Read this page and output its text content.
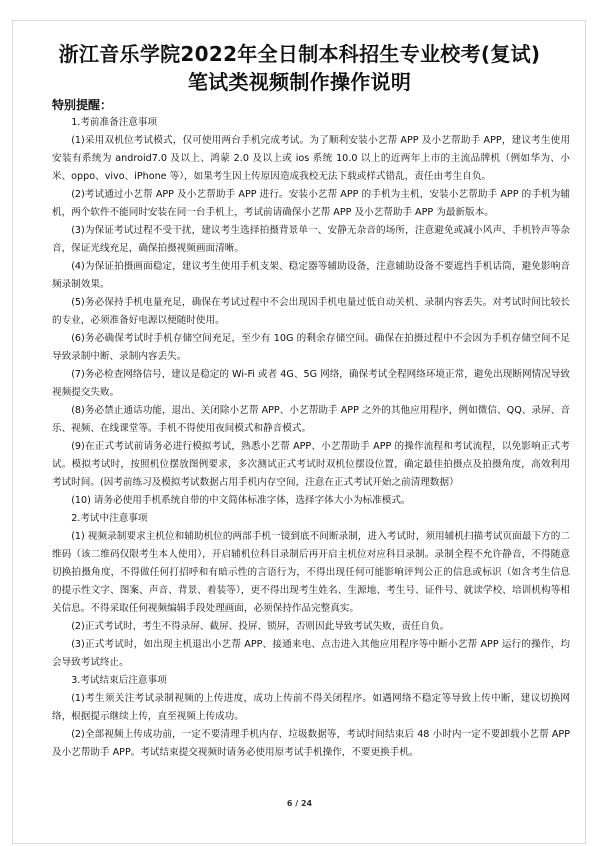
浙江音乐学院2022年全日制本科招生专业校考(复试)
笔试类视频制作操作说明
特别提醒：

1.考前准备注意事项

(1)采用双机位考试模式，仅可使用两台手机完成考试。为了顺利安装小艺帮 APP 及小艺帮助手 APP，建议考生使用安装有系统为 android7.0 及以上、鸿蒙 2.0 及以上或 ios 系统 10.0 以上的近两年上市的主流品牌机（例如华为、小米、oppo、vivo、iPhone 等），如果考生因上传原因造成我校无法下载或样式错乱，责任由考生自负。

(2)考试通过小艺帮 APP 及小艺帮助手 APP 进行。安装小艺帮 APP 的手机为主机，安装小艺帮助手 APP 的手机为辅机，两个软件不能同时安装在同一台手机上，考试前请确保小艺帮 APP 及小艺帮助手 APP 为最新版本。

(3)为保证考试过程不受干扰，建议考生选择拍摄背景单一、安静无杂音的场所，注意避免或减小风声、手机铃声等杂音，保证光线充足，确保拍摄视频画面清晰。

(4)为保证拍摄画面稳定，建议考生使用手机支架、稳定器等辅助设备，注意辅助设备不要遮挡手机话筒，避免影响音频录制效果。

(5)务必保持手机电量充足，确保在考试过程中不会出现因手机电量过低自动关机、录制内容丢失。对考试时间比较长的专业，必须准备好电源以便随时使用。

(6)务必确保考试时手机存储空间充足，至少有 10G 的剩余存储空间。确保在拍摄过程中不会因为手机存储空间不足导致录制中断、录制内容丢失。

(7)务必检查网络信号，建议是稳定的 Wi-Fi 或者 4G、5G 网络，确保考试全程网络环境正常，避免出现断网情况导致视频提交失败。

(8)务必禁止通话功能，退出、关闭除小艺帮 APP、小艺帮助手 APP 之外的其他应用程序，例如微信、QQ、录屏、音乐、视频、在线课堂等。手机不得使用夜间模式和静音模式。

(9)在正式考试前请务必进行模拟考试，熟悉小艺帮 APP、小艺帮助手 APP 的操作流程和考试流程，以免影响正式考试。模拟考试时，按照机位摆放图例要求，多次测试正式考试时双机位摆设位置，确定最佳拍摄点及拍摄角度，高效利用考试时间。(因考前练习及模拟考试数据占用手机内存空间，注意在正式考试开始之前清理数据）

(10) 请务必使用手机系统自带的中文简体标准字体，选择字体大小为标准模式。

2.考试中注意事项

(1) 视频录制要求主机位和辅助机位的两部手机一镜到底不间断录制，进入考试时，须用辅机扫描考试页面最下方的二维码（该二维码仅限考生本人使用），开启辅机位科目录制后再开启主机位对应科目录制。录制全程不允许静音，不得随意切换拍摄角度，不得做任何打招呼和有暗示性的言语行为，不得出现任何可能影响评判公正的信息或标识（如含考生信息的提示性文字、图案、声音、背景、着装等），更不得出现考生姓名、生源地、考生号、证件号、就读学校、培训机构等相关信息。不得采取任何视频编辑手段处理画面，必须保持作品完整真实。

(2)正式考试时，考生不得录屏、截屏、投屏、锁屏，否则因此导致考试失败，责任自负。

(3)正式考试时，如出现主机退出小艺帮 APP、接通来电、点击进入其他应用程序等中断小艺帮 APP 运行的操作，均会导致考试终止。

3.考试结束后注意事项

(1)考生须关注考试录制视频的上传进度，成功上传前不得关闭程序。如遇网络不稳定等导致上传中断，建议切换网络，根据提示继续上传，直至视频上传成功。

(2)全部视频上传成功前，一定不要清理手机内存、垃圾数据等，考试时间结束后 48 小时内一定不要卸载小艺帮 APP 及小艺帮助手 APP。考试结束提交视频时请务必使用原考试手机操作，不要更换手机。

6 / 24
